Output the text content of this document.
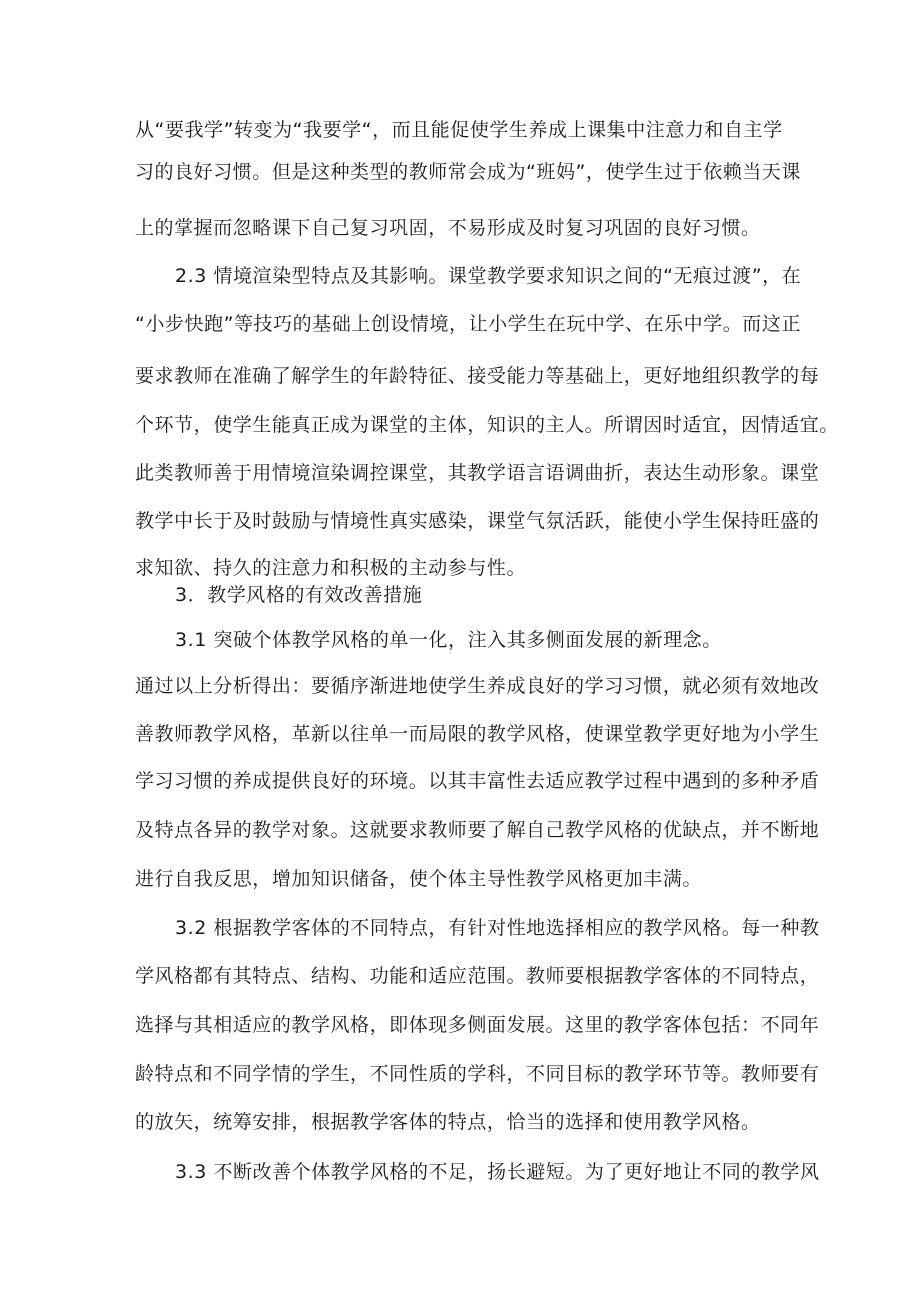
从“要我学”转变为“我要学“，而且能促使学生养成上课集中注意力和自主学
习的良好习惯。但是这种类型的教师常会成为“班妈”，使学生过于依赖当天课
上的掌握而忽略课下自己复习巩固，不易形成及时复习巩固的良好习惯。
2.3 情境渲染型特点及其影响。课堂教学要求知识之间的“无痕过渡”，在
“小步快跑”等技巧的基础上创设情境，让小学生在玩中学、在乐中学。而这正
要求教师在准确了解学生的年龄特征、接受能力等基础上，更好地组织教学的每
个环节，使学生能真正成为课堂的主体，知识的主人。所谓因时适宜，因情适宜。
此类教师善于用情境渲染调控课堂，其教学语言语调曲折，表达生动形象。课堂
教学中长于及时鼓励与情境性真实感染，课堂气氛活跃，能使小学生保持旺盛的
求知欲、持久的注意力和积极的主动参与性。
3．教学风格的有效改善措施
3.1 突破个体教学风格的单一化，注入其多侧面发展的新理念。
通过以上分析得出：要循序渐进地使学生养成良好的学习习惯，就必须有效地改
善教师教学风格，革新以往单一而局限的教学风格，使课堂教学更好地为小学生
学习习惯的养成提供良好的环境。以其丰富性去适应教学过程中遇到的多种矛盾
及特点各异的教学对象。这就要求教师要了解自己教学风格的优缺点，并不断地
进行自我反思，增加知识储备，使个体主导性教学风格更加丰满。
3.2 根据教学客体的不同特点，有针对性地选择相应的教学风格。每一种教
学风格都有其特点、结构、功能和适应范围。教师要根据教学客体的不同特点，
选择与其相适应的教学风格，即体现多侧面发展。这里的教学客体包括：不同年
龄特点和不同学情的学生，不同性质的学科，不同目标的教学环节等。教师要有
的放矢，统筹安排，根据教学客体的特点，恰当的选择和使用教学风格。
3.3 不断改善个体教学风格的不足，扬长避短。为了更好地让不同的教学风
